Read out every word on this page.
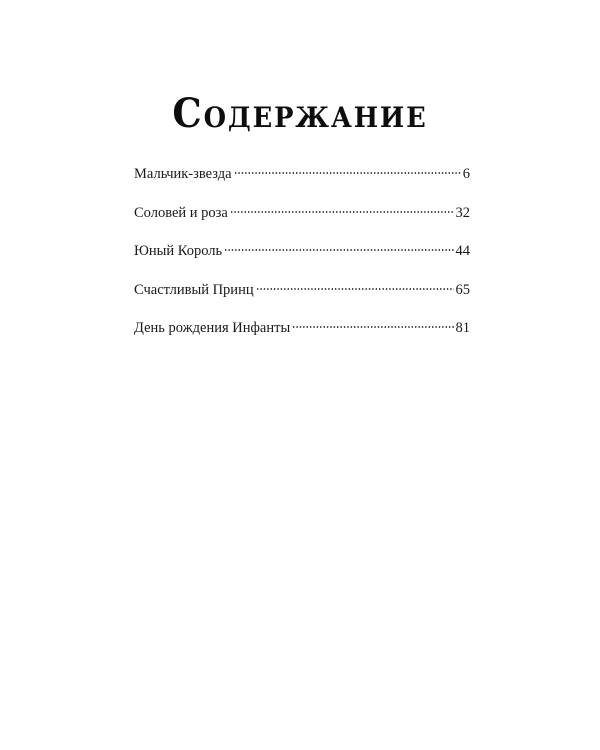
Содержание
Мальчик-звезда	6
Соловей и роза	32
Юный Король	44
Счастливый Принц	65
День рождения Инфанты	81
